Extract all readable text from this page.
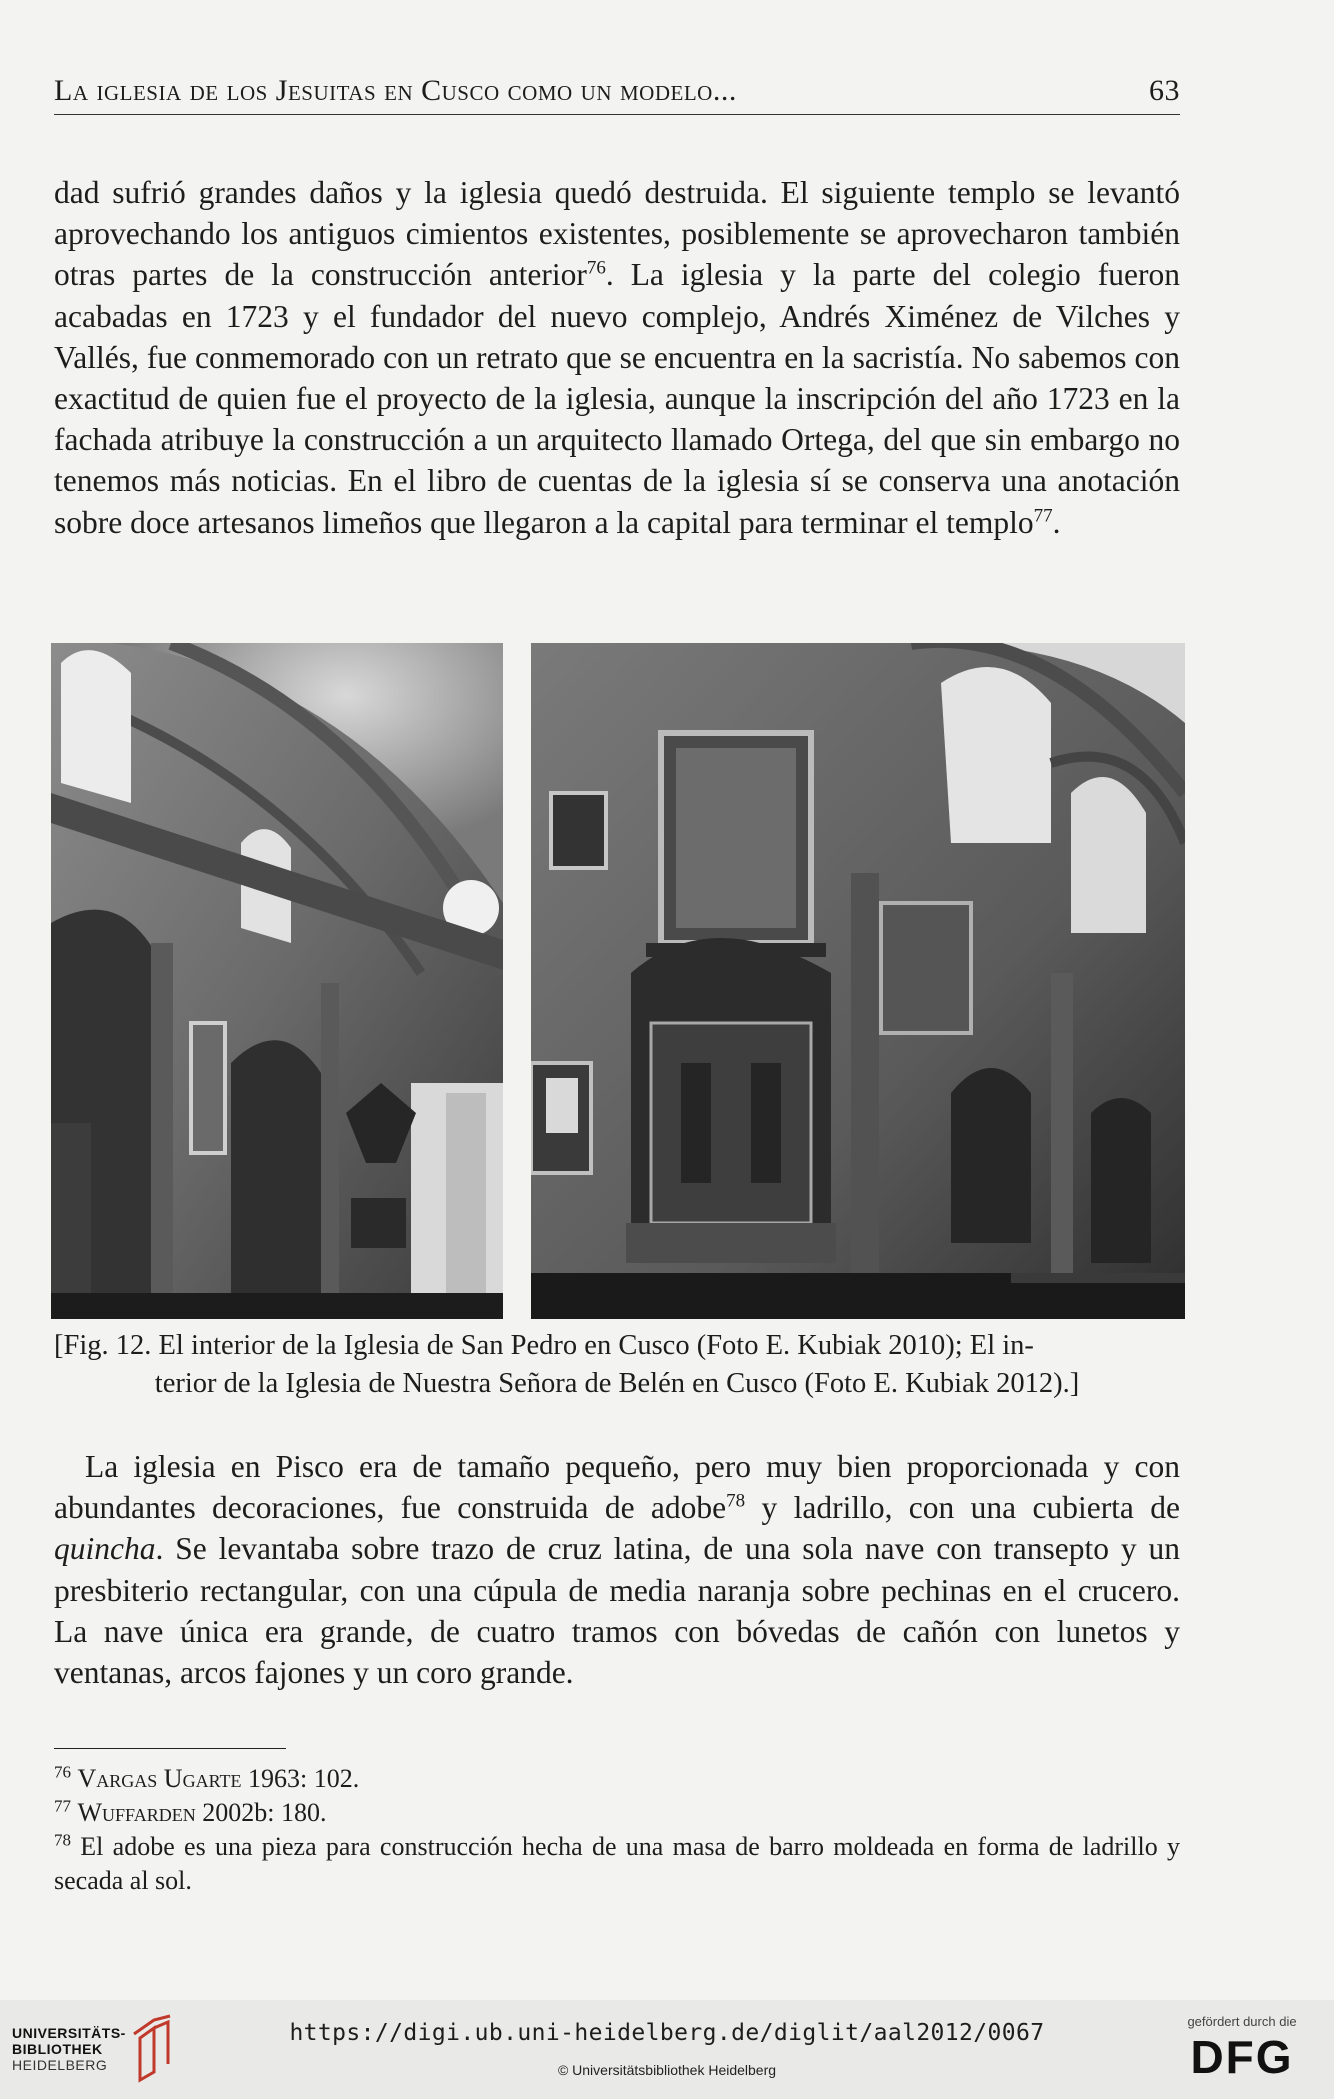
La iglesia de los Jesuitas en Cusco como un modelo...	63

dad sufrió grandes daños y la iglesia quedó destruida. El siguiente templo se levantó aprovechando los antiguos cimientos existentes, posiblemente se aprovecharon también otras partes de la construcción anterior$^{76}$. La iglesia y la parte del colegio fueron acabadas en 1723 y el fundador del nuevo complejo, Andrés Ximénez de Vilches y Vallés, fue conmemorado con un retrato que se encuentra en la sacristía. No sabemos con exactitud de quien fue el proyecto de la iglesia, aunque la inscripción del año 1723 en la fachada atribuye la construcción a un arquitecto llamado Ortega, del que sin embargo no tenemos más noticias. En el libro de cuentas de la iglesia sí se conserva una anotación sobre doce artesanos limeños que llegaron a la capital para terminar el templo$^{77}$.

[Fig. 12. El interior de la Iglesia de San Pedro en Cusco (Foto E. Kubiak 2010); El in-
terior de la Iglesia de Nuestra Señora de Belén en Cusco (Foto E. Kubiak 2012).]

La iglesia en Pisco era de tamaño pequeño, pero muy bien proporcionada y con abundantes decoraciones, fue construida de adobe$^{78}$ y ladrillo, con una cubierta de quincha. Se levantaba sobre trazo de cruz latina, de una sola nave con transepto y un presbiterio rectangular, con una cúpula de media naranja sobre pechinas en el crucero. La nave única era grande, de cuatro tramos con bóvedas de cañón con lunetos y ventanas, arcos fajones y un coro grande.

$^{76}$ Vargas Ugarte 1963: 102.

$^{77}$ Wuffarden 2002b: 180.

$^{78}$ El adobe es una pieza para construcción hecha de una masa de barro moldeada en forma de ladrillo y secada al sol.

UNIVERSITÄTS-
BIBLIOTHEK
HEIDELBERG
https://digi.ub.uni-heidelberg.de/diglit/aal2012/0067
© Universitätsbibliothek Heidelberg
gefördert durch die
DFG
